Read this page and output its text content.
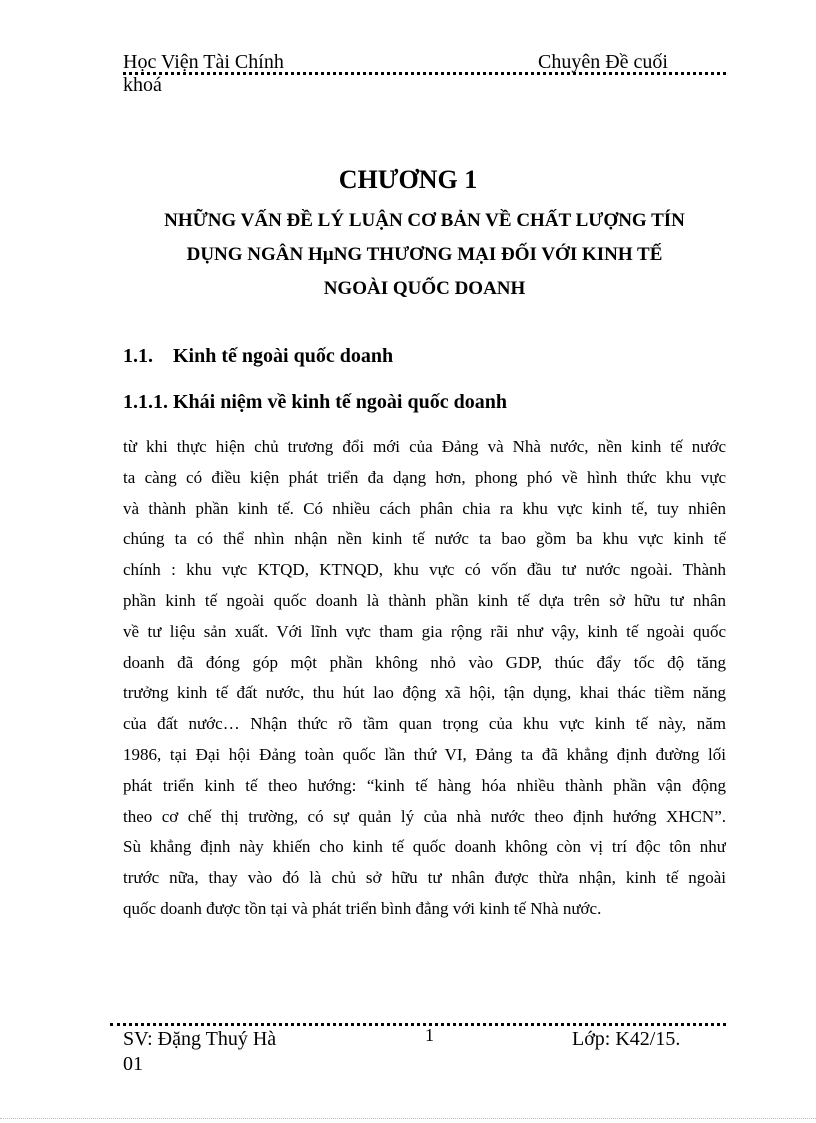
Học Viện Tài Chính	Chuyên Đề cuối
khoá
CHƯƠNG 1
NHỮNG VẤN ĐỀ LÝ LUẬN CƠ BẢN VỀ CHẤT LƯỢNG TÍN
DỤNG NGÂN HµNG THƯƠNG MẠI ĐỐI VỚI KINH TẾ
NGOÀI QUỐC DOANH
1.1. Kinh tế ngoài quốc doanh
1.1.1. Khái niệm về kinh tế ngoài quốc doanh
từ khi thực hiện chủ trương đổi mới của Đảng và Nhà nước, nền kinh tế nước
ta càng có điều kiện phát triển đa dạng hơn, phong phó về hình thức khu vực
và thành phần kinh tế. Có nhiều cách phân chia ra khu vực kinh tế, tuy nhiên
chúng ta có thể nhìn nhận nền kinh tế nước ta bao gồm ba khu vực kinh tế
chính : khu vực KTQD, KTNQD, khu vực có vốn đầu tư nước ngoài. Thành
phần kinh tế ngoài quốc doanh là thành phần kinh tế dựa trên sở hữu tư nhân
về tư liệu sản xuất. Với lĩnh vực tham gia rộng rãi như vậy, kinh tế ngoài quốc
doanh đã đóng góp một phần không nhỏ vào GDP, thúc đẩy tốc độ tăng
trưởng kinh tế đất nước, thu hút lao động xã hội, tận dụng, khai thác tiềm năng
của đất nước… Nhận thức rõ tầm quan trọng của khu vực kinh tế này, năm
1986, tại Đại hội Đảng toàn quốc lần thứ VI, Đảng ta đã khẳng định đường lối
phát triển kinh tế theo hướng: “kinh tế hàng hóa nhiều thành phần vận động
theo cơ chế thị trường, có sự quản lý của nhà nước theo định hướng XHCN”.
Sù khẳng định này khiến cho kinh tế quốc doanh không còn vị trí độc tôn như
trước nữa, thay vào đó là chủ sở hữu tư nhân được thừa nhận, kinh tế ngoài
quốc doanh được tồn tại và phát triển bình đẳng với kinh tế Nhà nước.
SV: Đặng Thuý Hà
01
1	Lớp: K42/15.
